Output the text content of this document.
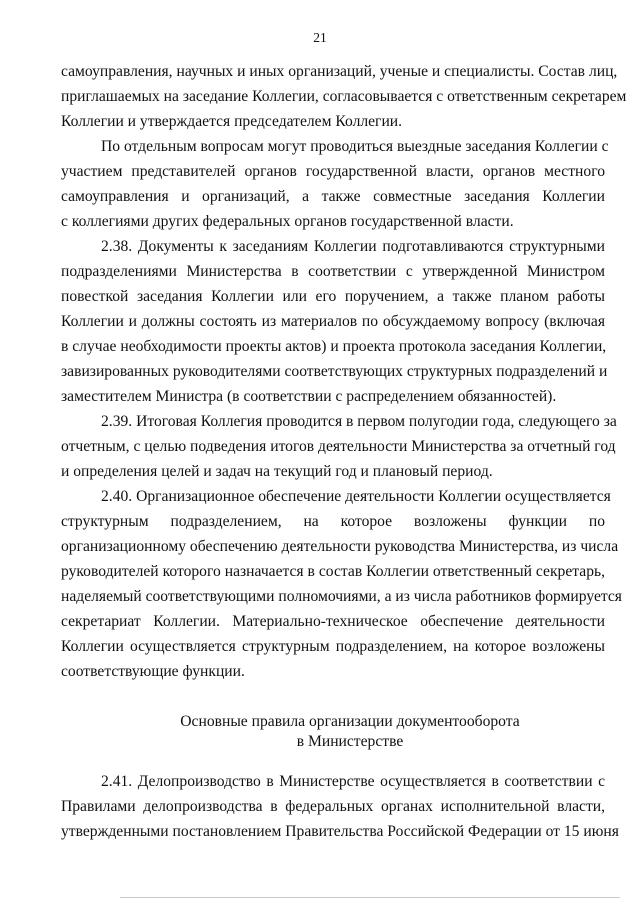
21
самоуправления, научных и иных организаций, ученые и специалисты. Состав лиц,
приглашаемых на заседание Коллегии, согласовывается с ответственным секретарем
Коллегии и утверждается председателем Коллегии.
По отдельным вопросам могут проводиться выездные заседания Коллегии с
участием представителей органов государственной власти, органов местного
самоуправления и организаций, а также совместные заседания Коллегии
с коллегиями других федеральных органов государственной власти.
2.38. Документы к заседаниям Коллегии подготавливаются структурными
подразделениями Министерства в соответствии с утвержденной Министром
повесткой заседания Коллегии или его поручением, а также планом работы
Коллегии и должны состоять из материалов по обсуждаемому вопросу (включая
в случае необходимости проекты актов) и проекта протокола заседания Коллегии,
завизированных руководителями соответствующих структурных подразделений и
заместителем Министра (в соответствии с распределением обязанностей).
2.39. Итоговая Коллегия проводится в первом полугодии года, следующего за
отчетным, с целью подведения итогов деятельности Министерства за отчетный год
и определения целей и задач на текущий год и плановый период.
2.40. Организационное обеспечение деятельности Коллегии осуществляется
структурным подразделением, на которое возложены функции по
организационному обеспечению деятельности руководства Министерства, из числа
руководителей которого назначается в состав Коллегии ответственный секретарь,
наделяемый соответствующими полномочиями, а из числа работников формируется
секретариат Коллегии. Материально-техническое обеспечение деятельности
Коллегии осуществляется структурным подразделением, на которое возложены
соответствующие функции.
Основные правила организации документооборота
в Министерстве
2.41. Делопроизводство в Министерстве осуществляется в соответствии с
Правилами делопроизводства в федеральных органах исполнительной власти,
утвержденными постановлением Правительства Российской Федерации от 15 июня
